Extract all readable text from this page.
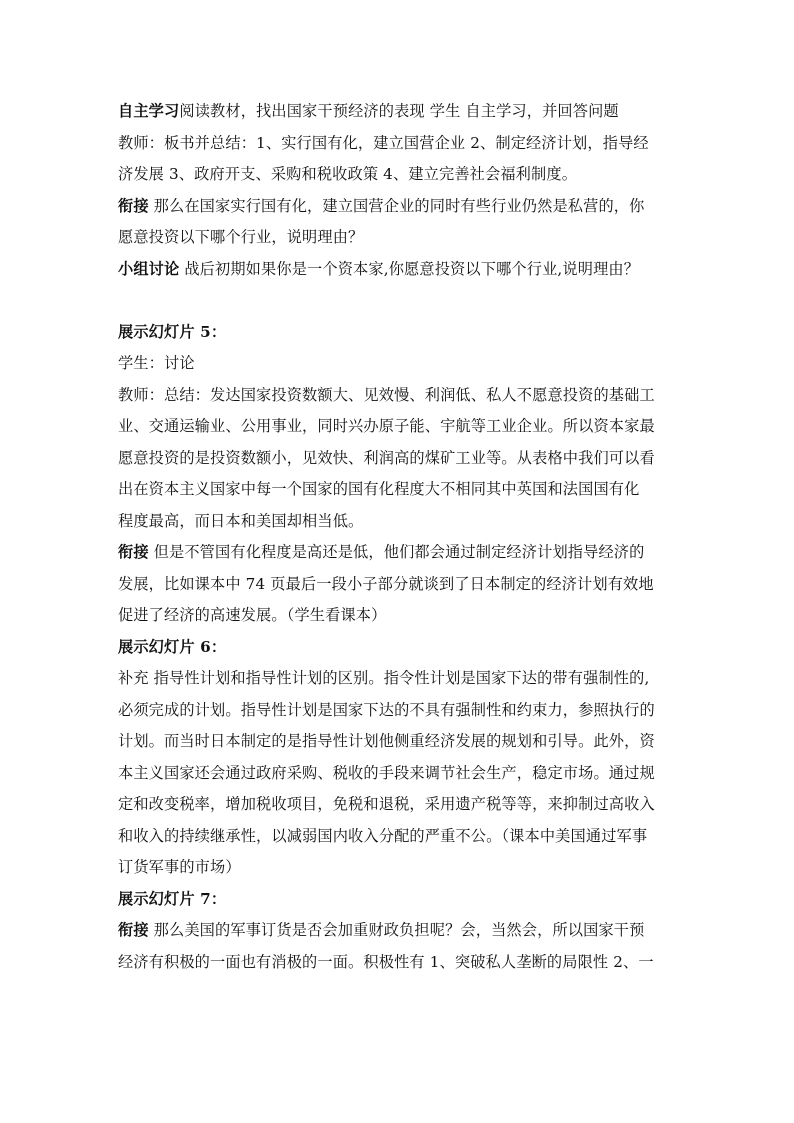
自主学习阅读教材，找出国家干预经济的表现 学生 自主学习，并回答问题
教师：板书并总结：1、实行国有化，建立国营企业 2、制定经济计划，指导经
济发展 3、政府开支、采购和税收政策 4、建立完善社会福利制度。
衔接 那么在国家实行国有化，建立国营企业的同时有些行业仍然是私营的，你
愿意投资以下哪个行业，说明理由？
小组讨论 战后初期如果你是一个资本家,你愿意投资以下哪个行业,说明理由？
展示幻灯片 5：
学生：讨论
教师：总结：发达国家投资数额大、见效慢、利润低、私人不愿意投资的基础工
业、交通运输业、公用事业，同时兴办原子能、宇航等工业企业。所以资本家最
愿意投资的是投资数额小，见效快、利润高的煤矿工业等。从表格中我们可以看
出在资本主义国家中每一个国家的国有化程度大不相同其中英国和法国国有化
程度最高，而日本和美国却相当低。
衔接 但是不管国有化程度是高还是低，他们都会通过制定经济计划指导经济的
发展，比如课本中 74 页最后一段小子部分就谈到了日本制定的经济计划有效地
促进了经济的高速发展。（学生看课本）
展示幻灯片 6：
补充 指导性计划和指导性计划的区别。指令性计划是国家下达的带有强制性的,
必须完成的计划。指导性计划是国家下达的不具有强制性和约束力，参照执行的
计划。而当时日本制定的是指导性计划他侧重经济发展的规划和引导。此外，资
本主义国家还会通过政府采购、税收的手段来调节社会生产，稳定市场。通过规
定和改变税率，增加税收项目，免税和退税，采用遗产税等等，来抑制过高收入
和收入的持续继承性，以减弱国内收入分配的严重不公。（课本中美国通过军事
订货军事的市场）
展示幻灯片 7：
衔接 那么美国的军事订货是否会加重财政负担呢？会，当然会，所以国家干预
经济有积极的一面也有消极的一面。积极性有 1、突破私人垄断的局限性 2、一
